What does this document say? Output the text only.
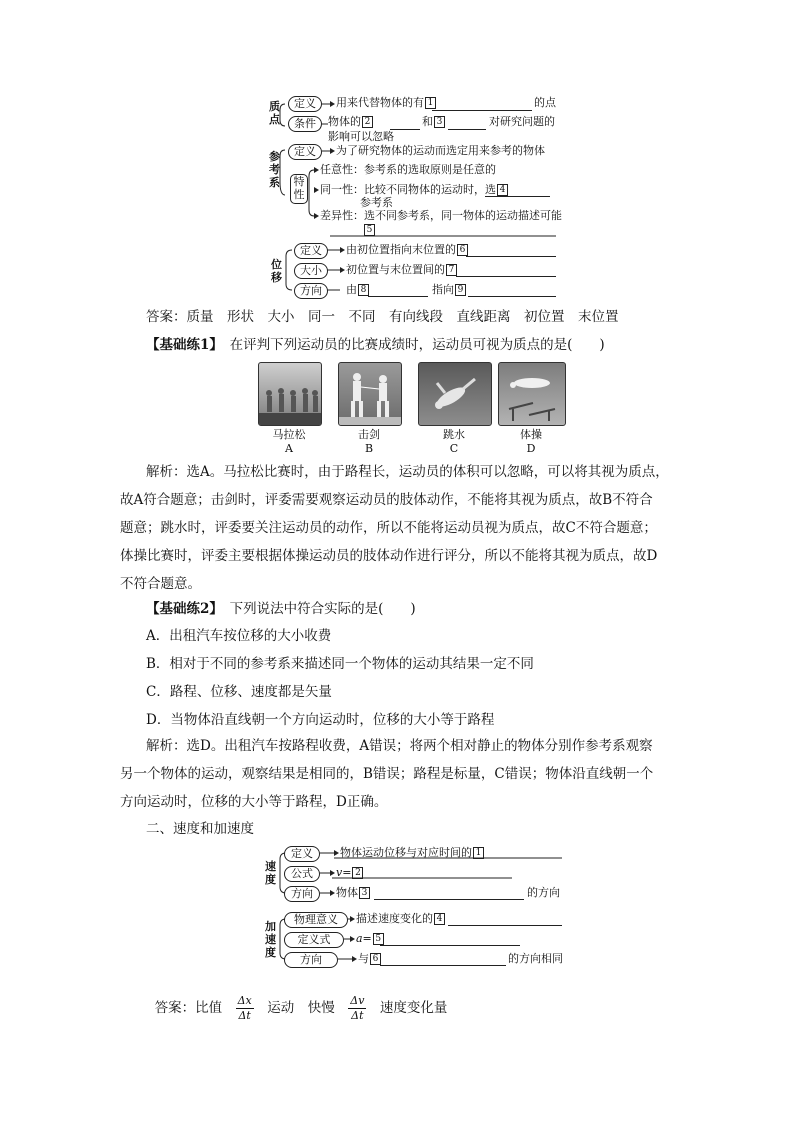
质点
定义	用来代替物体的有 1	的点
条件	物体的 2	和 3	对研究问题的
影响可以忽略
参考系
定义	为了研究物体的运动而选定用来参考的物体
特性
任意性：参考系的选取原则是任意的
同一性：比较不同物体的运动时，选 4
参考系
差异性：选不同参考系，同一物体的运动描述可能
5
位移
定义	由初位置指向末位置的 6
大小	初位置与末位置间的 7
方向	由 8	指向 9
答案：质量　形状　大小　同一　不同　有向线段　直线距离　初位置　末位置
【基础练1】　 在评判下列运动员的比赛成绩时，运动员可视为质点的是(　　)
马拉松
A
击剑
B
跳水
C
体操
D
解析：选A。马拉松比赛时，由于路程长，运动员的体积可以忽略，可以将其视为质点，
故A符合题意；击剑时，评委需要观察运动员的肢体动作，不能将其视为质点，故B不符合
题意；跳水时，评委要关注运动员的动作，所以不能将运动员视为质点，故C不符合题意；
体操比赛时，评委主要根据体操运动员的肢体动作进行评分，所以不能将其视为质点，故D
不符合题意。
【基础练2】　 下列说法中符合实际的是(　　)
A．出租汽车按位移的大小收费
B．相对于不同的参考系来描述同一个物体的运动其结果一定不同
C．路程、位移、速度都是矢量
D．当物体沿直线朝一个方向运动时，位移的大小等于路程
解析：选D。出租汽车按路程收费，A错误；将两个相对静止的物体分别作参考系观察
另一个物体的运动，观察结果是相同的，B错误；路程是标量，C错误；物体沿直线朝一个
方向运动时，位移的大小等于路程，D正确。
二、速度和加速度
速度
定义	物体运动位移与对应时间的 1
公式	v= 2
方向	物体 3	的方向
加速度
物理意义	描述速度变化的 4
定义式	a= 5
方向	与 6	的方向相同

答案：比值　 $\frac{\Delta x}{\Delta t}$
　 运动　 快慢　 $\frac{\Delta v}{\Delta t}$
　 速度变化量
